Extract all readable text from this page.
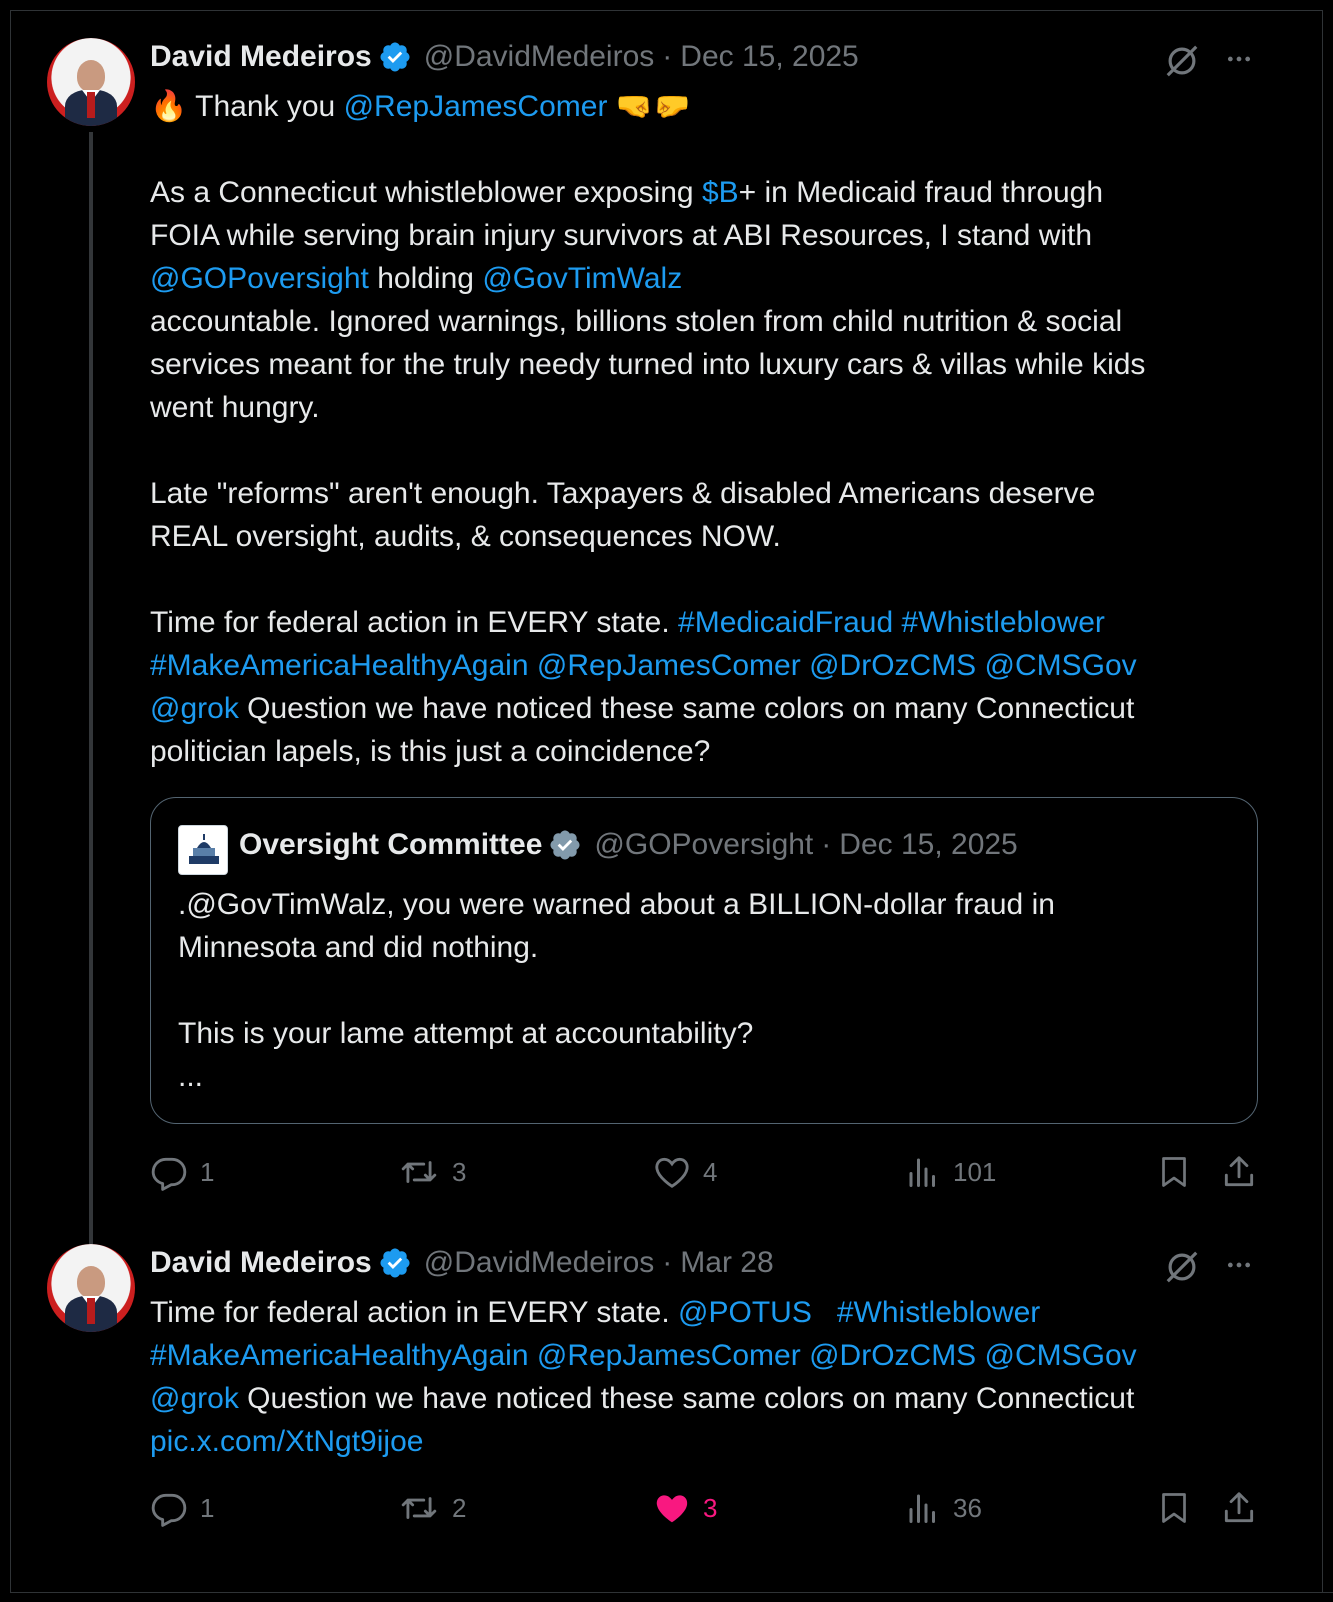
David Medeiros @DavidMedeiros · Dec 15, 2025
🔥 Thank you @RepJamesComer 🤜🤛

As a Connecticut whistleblower exposing $B+ in Medicaid fraud through
FOIA while serving brain injury survivors at ABI Resources, I stand with
@GOPoversight holding @GovTimWalz
accountable. Ignored warnings, billions stolen from child nutrition & social
services meant for the truly needy turned into luxury cars & villas while kids
went hungry.

Late "reforms" aren't enough. Taxpayers & disabled Americans deserve
REAL oversight, audits, & consequences NOW.

Time for federal action in EVERY state. #MedicaidFraud #Whistleblower
#MakeAmericaHealthyAgain @RepJamesComer @DrOzCMS @CMSGov
@grok Question we have noticed these same colors on many Connecticut
politician lapels, is this just a coincidence?
Oversight Committee @GOPoversight · Dec 15, 2025
.@GovTimWalz, you were warned about a BILLION-dollar fraud in
Minnesota and did nothing.

This is your lame attempt at accountability?
...
1	3	4	101
David Medeiros @DavidMedeiros · Mar 28
Time for federal action in EVERY state. @POTUS #Whistleblower
#MakeAmericaHealthyAgain @RepJamesComer @DrOzCMS @CMSGov
@grok Question we have noticed these same colors on many Connecticut
pic.x.com/XtNgt9ijoe
1	2	3	36
